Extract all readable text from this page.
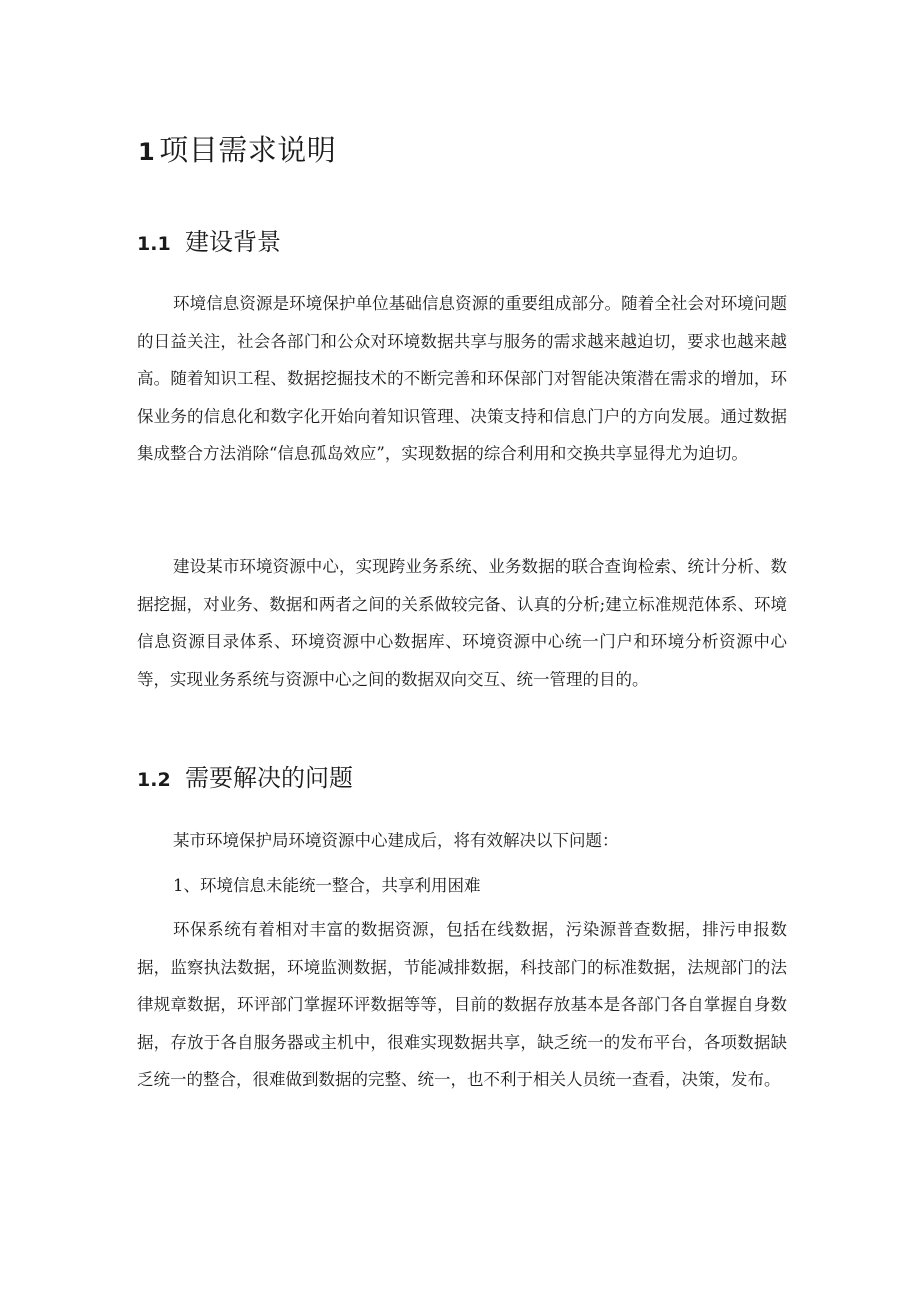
1 项目需求说明
1.1 建设背景

环境信息资源是环境保护单位基础信息资源的重要组成部分。随着全社会对环境问题的日益关注，社会各部门和公众对环境数据共享与服务的需求越来越迫切，要求也越来越高。随着知识工程、数据挖掘技术的不断完善和环保部门对智能决策潜在需求的增加，环保业务的信息化和数字化开始向着知识管理、决策支持和信息门户的方向发展。通过数据集成整合方法消除“信息孤岛效应”，实现数据的综合利用和交换共享显得尤为迫切。

建设某市环境资源中心，实现跨业务系统、业务数据的联合查询检索、统计分析、数据挖掘，对业务、数据和两者之间的关系做较完备、认真的分析;建立标准规范体系、环境信息资源目录体系、环境资源中心数据库、环境资源中心统一门户和环境分析资源中心等，实现业务系统与资源中心之间的数据双向交互、统一管理的目的。

1.2 需要解决的问题

某市环境保护局环境资源中心建成后，将有效解决以下问题：

1、环境信息未能统一整合，共享利用困难

环保系统有着相对丰富的数据资源，包括在线数据，污染源普查数据，排污申报数据，监察执法数据，环境监测数据，节能减排数据，科技部门的标准数据，法规部门的法律规章数据，环评部门掌握环评数据等等，目前的数据存放基本是各部门各自掌握自身数据，存放于各自服务器或主机中，很难实现数据共享，缺乏统一的发布平台，各项数据缺乏统一的整合，很难做到数据的完整、统一，也不利于相关人员统一查看，决策，发布。
